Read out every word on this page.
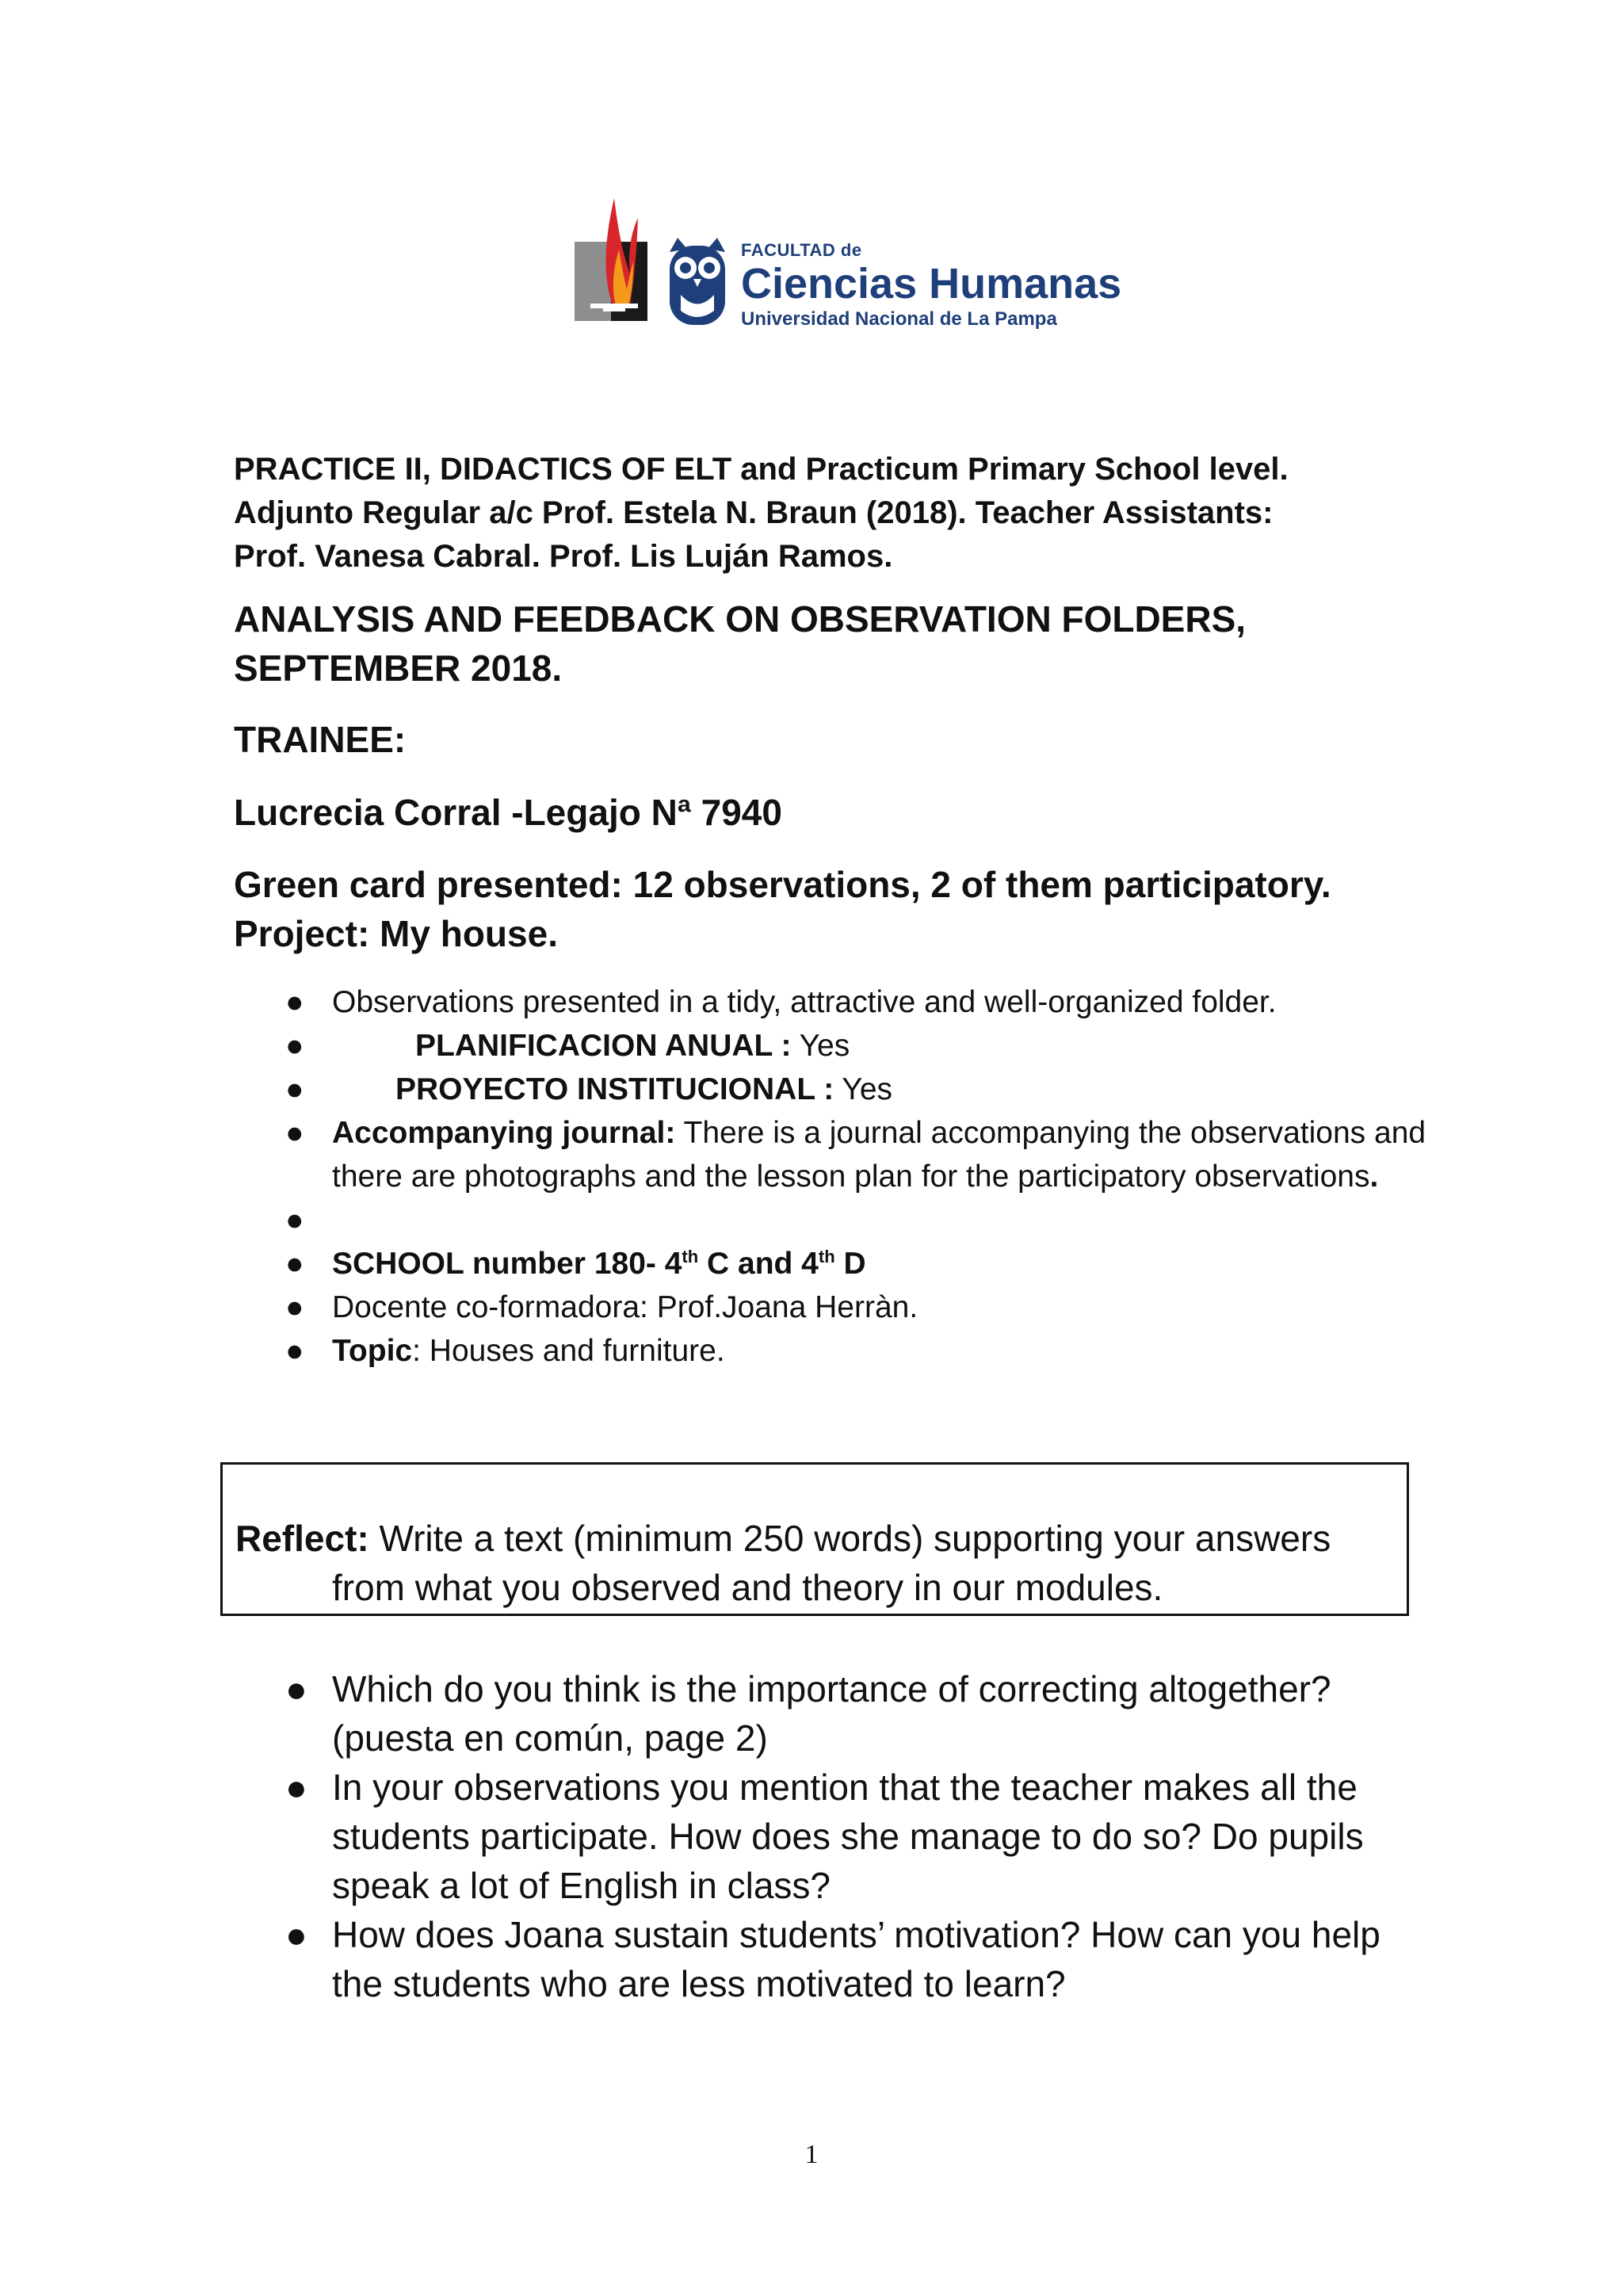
FACULTAD de
Ciencias Humanas
Universidad Nacional de La Pampa
PRACTICE II, DIDACTICS OF ELT and Practicum Primary School level.
Adjunto Regular a/c Prof. Estela N. Braun (2018). Teacher Assistants:
Prof. Vanesa Cabral. Prof. Lis Luján Ramos.
ANALYSIS AND FEEDBACK ON OBSERVATION FOLDERS,
SEPTEMBER 2018.
TRAINEE:
Lucrecia Corral -Legajo Nª 7940
Green card presented: 12 observations, 2 of them participatory.
Project: My house.
● Observations presented in a tidy, attractive and well-organized folder.
●	PLANIFICACION ANUAL : Yes
●	PROYECTO INSTITUCIONAL : Yes
● Accompanying journal: There is a journal accompanying the observations and there are photographs and the lesson plan for the participatory observations.
●
● SCHOOL number 180- 4th C and 4th D
● Docente co-formadora: Prof.Joana Herràn.
● Topic: Houses and furniture.
Reflect: Write a text (minimum 250 words) supporting your answers
from what you observed and theory in our modules.
● Which do you think is the importance of correcting altogether? (puesta en común, page 2)
● In your observations you mention that the teacher makes all the students participate. How does she manage to do so? Do pupils speak a lot of English in class?
● How does Joana sustain students’ motivation? How can you help the students who are less motivated to learn?
1
